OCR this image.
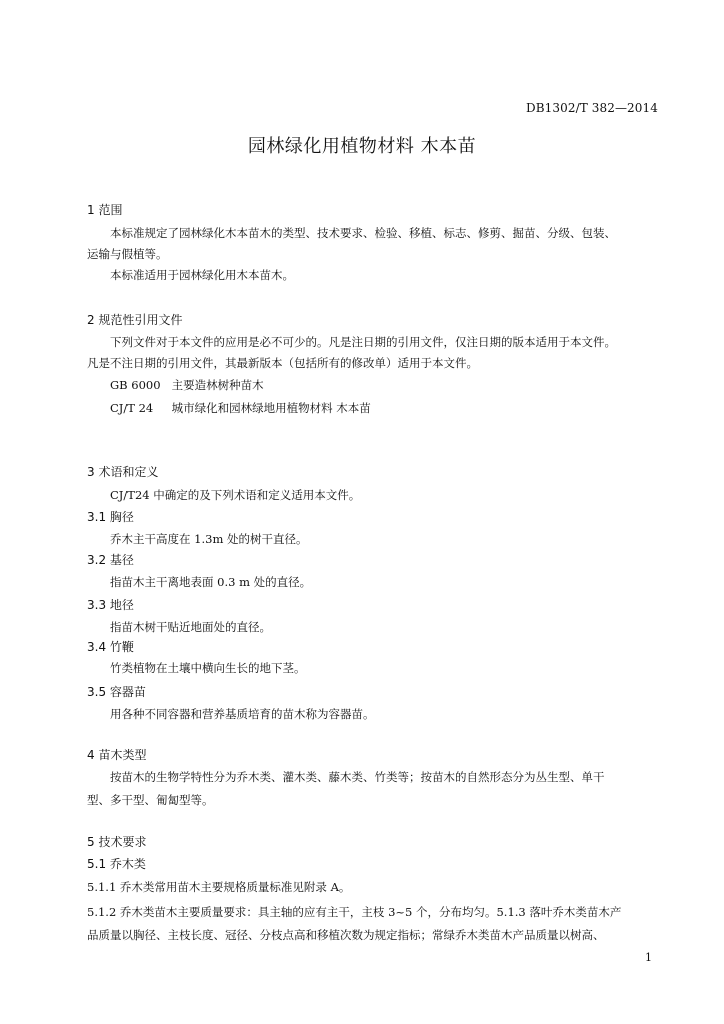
DB1302/T 382—2014
园林绿化用植物材料 木本苗
1 范围
本标准规定了园林绿化木本苗木的类型、技术要求、检验、移植、标志、修剪、掘苗、分级、包装、
运输与假植等。
本标准适用于园林绿化用木本苗木。
2 规范性引用文件
下列文件对于本文件的应用是必不可少的。凡是注日期的引用文件，仅注日期的版本适用于本文件。
凡是不注日期的引用文件，其最新版本（包括所有的修改单）适用于本文件。
GB 6000 主要造林树种苗木
CJ/T 24 城市绿化和园林绿地用植物材料 木本苗
3 术语和定义
CJ/T24 中确定的及下列术语和定义适用本文件。
3.1 胸径
乔木主干高度在 1.3m 处的树干直径。
3.2 基径
指苗木主干离地表面 0.3 m 处的直径。
3.3 地径
指苗木树干贴近地面处的直径。
3.4 竹鞭
竹类植物在土壤中横向生长的地下茎。
3.5 容器苗
用各种不同容器和营养基质培育的苗木称为容器苗。
4 苗木类型
按苗木的生物学特性分为乔木类、灌木类、藤木类、竹类等；按苗木的自然形态分为丛生型、单干
型、多干型、匍匐型等。
5 技术要求
5.1 乔木类
5.1.1 乔木类常用苗木主要规格质量标准见附录 A。
5.1.2 乔木类苗木主要质量要求：具主轴的应有主干，主枝 3~5 个，分布均匀。5.1.3 落叶乔木类苗木产
品质量以胸径、主枝长度、冠径、分枝点高和移植次数为规定指标；常绿乔木类苗木产品质量以树高、
1
